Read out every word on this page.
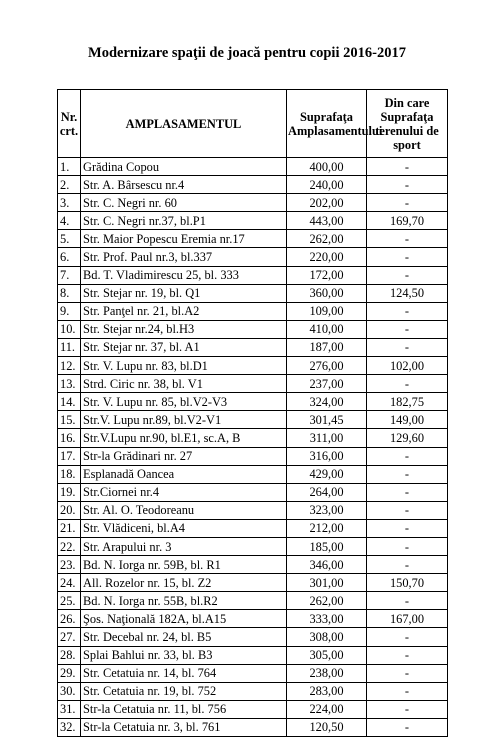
Modernizare spaţii de joacă pentru copii 2016-2017
Nr. crt.	AMPLASAMENTUL	Suprafaţa Amplasamentului	Din care Suprafaţa terenului de sport
1.	Grădina Copou	400,00	-
2.	Str. A. Bârsescu nr.4	240,00	-
3.	Str. C. Negri nr. 60	202,00	-
4.	Str. C. Negri nr.37, bl.P1	443,00	169,70
5.	Str. Maior Popescu Eremia nr.17	262,00	-
6.	Str. Prof. Paul nr.3, bl.337	220,00	-
7.	Bd. T. Vladimirescu 25, bl. 333	172,00	-
8.	Str. Stejar nr. 19, bl. Q1	360,00	124,50
9.	Str. Panţel nr. 21, bl.A2	109,00	-
10.	Str. Stejar nr.24, bl.H3	410,00	-
11.	Str. Stejar nr. 37, bl. A1	187,00	-
12.	Str. V. Lupu nr. 83, bl.D1	276,00	102,00
13.	Strd. Ciric nr. 38, bl. V1	237,00	-
14.	Str. V. Lupu nr. 85, bl.V2-V3	324,00	182,75
15.	Str.V. Lupu nr.89, bl.V2-V1	301,45	149,00
16.	Str.V.Lupu nr.90, bl.E1, sc.A, B	311,00	129,60
17.	Str-la Grădinari nr. 27	316,00	-
18.	Esplanadă Oancea	429,00	-
19.	Str.Ciornei nr.4	264,00	-
20.	Str. Al. O. Teodoreanu	323,00	-
21.	Str. Vlădiceni, bl.A4	212,00	-
22.	Str. Arapului nr. 3	185,00	-
23.	Bd. N. Iorga nr. 59B, bl. R1	346,00	-
24.	All. Rozelor nr. 15, bl. Z2	301,00	150,70
25.	Bd. N. Iorga nr. 55B, bl.R2	262,00	-
26.	Şos. Naţională 182A, bl.A15	333,00	167,00
27.	Str. Decebal nr. 24, bl. B5	308,00	-
28.	Splai Bahlui nr. 33, bl. B3	305,00	-
29.	Str. Cetatuia nr. 14, bl. 764	238,00	-
30.	Str. Cetatuia nr. 19, bl. 752	283,00	-
31.	Str-la Cetatuia nr. 11, bl. 756	224,00	-
32.	Str-la Cetatuia nr. 3, bl. 761	120,50	-
